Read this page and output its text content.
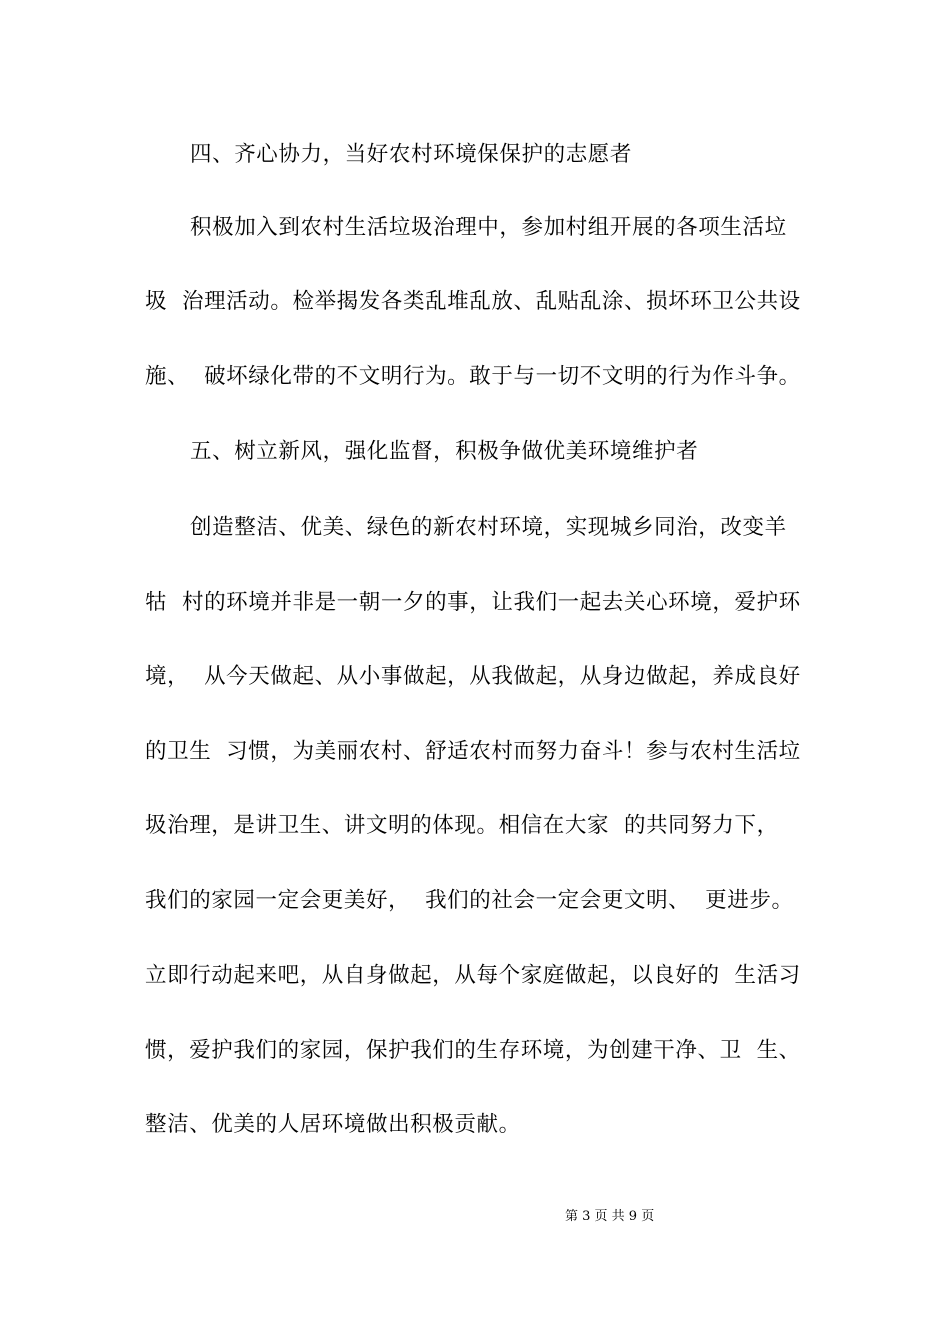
四、齐心协力，当好农村环境保保护的志愿者
积极加入到农村生活垃圾治理中，参加村组开展的各项生活垃
圾  治理活动。检举揭发各类乱堆乱放、乱贴乱涂、损坏环卫公共设
施、  破坏绿化带的不文明行为。敢于与一切不文明的行为作斗争。
五、树立新风，强化监督，积极争做优美环境维护者
创造整洁、优美、绿色的新农村环境，实现城乡同治，改变羊
牯  村的环境并非是一朝一夕的事，让我们一起去关心环境，爱护环
境，  从今天做起、从小事做起，从我做起，从身边做起，养成良好
的卫生  习惯，为美丽农村、舒适农村而努力奋斗！参与农村生活垃
圾治理，是讲卫生、讲文明的体现。相信在大家  的共同努力下，
我们的家园一定会更美好，  我们的社会一定会更文明、  更进步。
立即行动起来吧，从自身做起，从每个家庭做起，以良好的  生活习
惯，爱护我们的家园，保护我们的生存环境，为创建干净、卫  生、
整洁、优美的人居环境做出积极贡献。
第 3 页 共 9 页
